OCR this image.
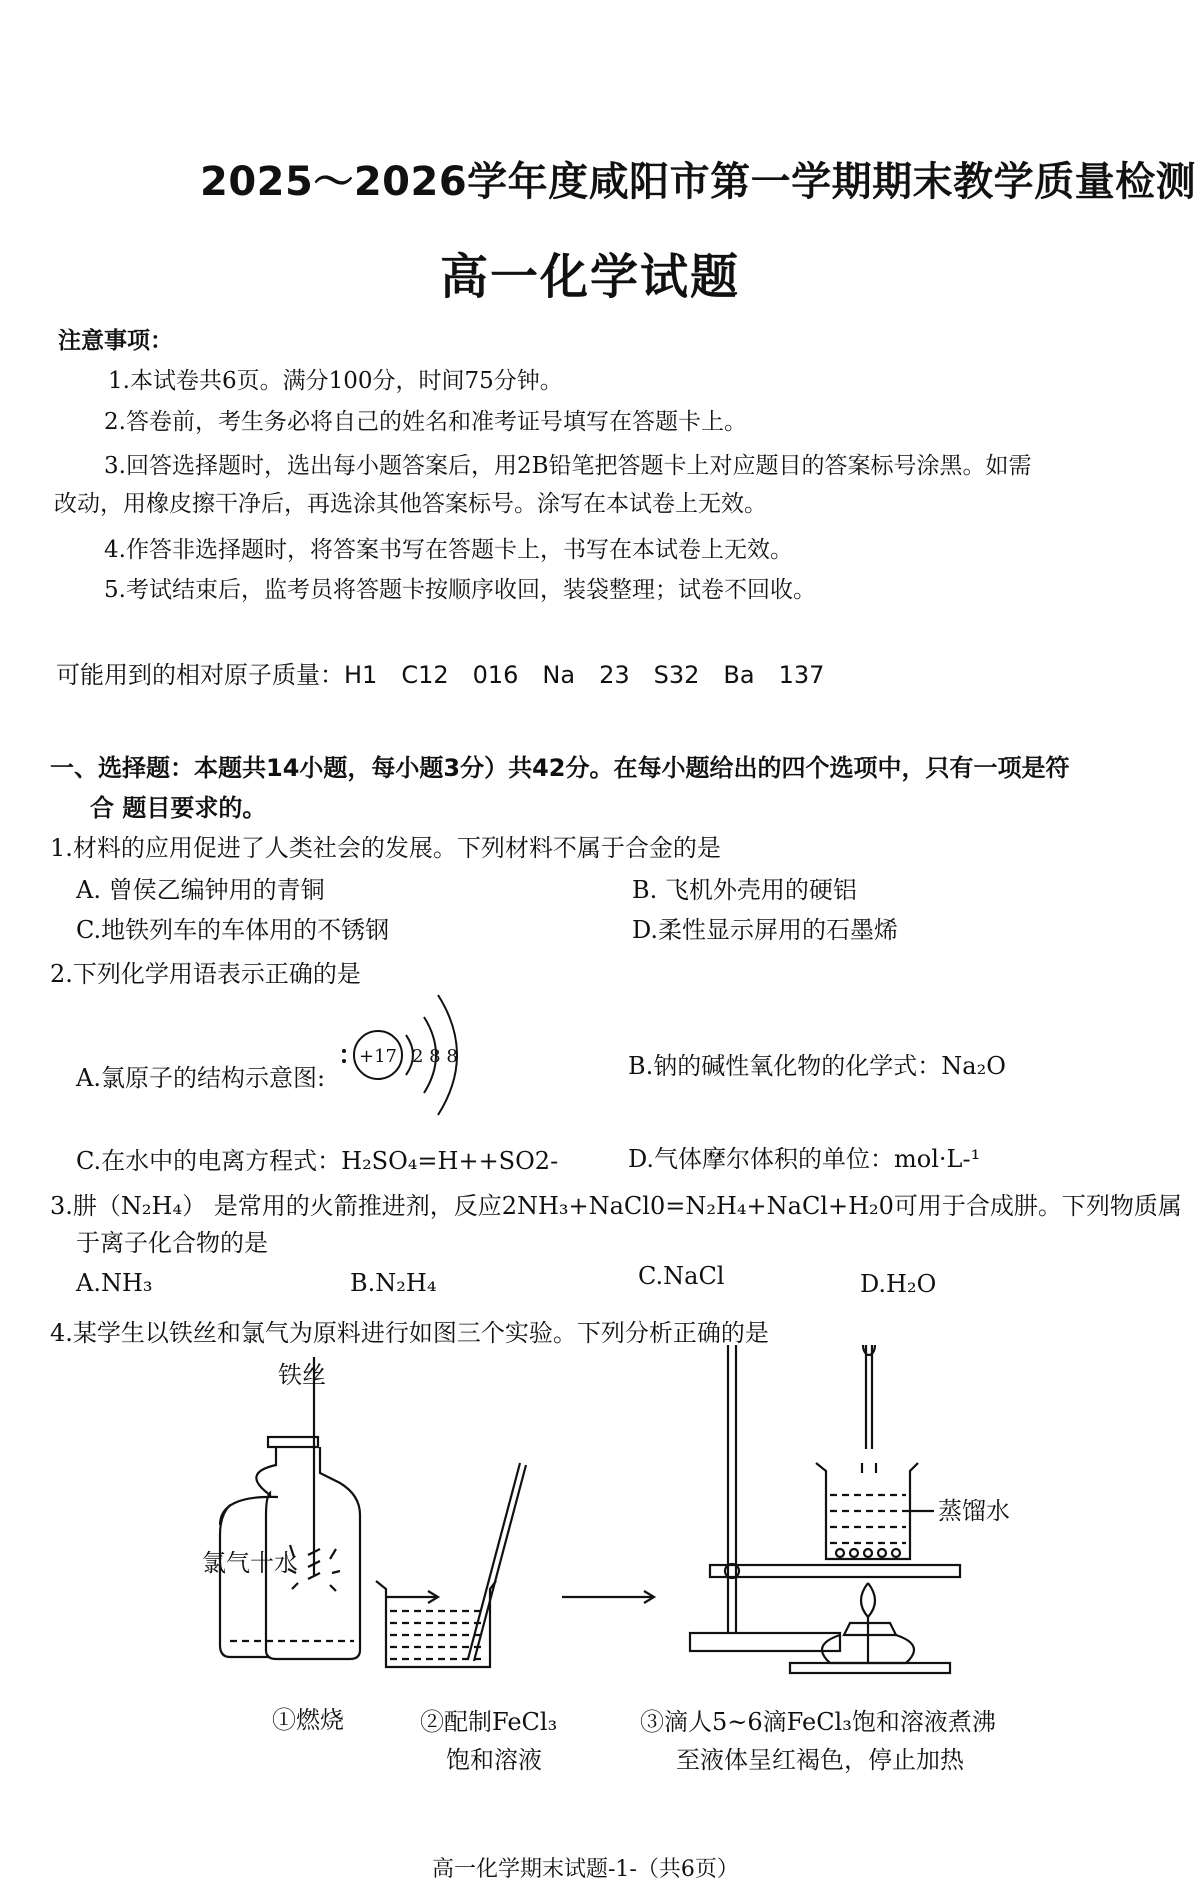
2025～2026学年度咸阳市第一学期期末教学质量检测
高一化学试题
注意事项：
1.本试卷共6页。满分100分，时间75分钟。
2.答卷前，考生务必将自己的姓名和准考证号填写在答题卡上。
3.回答选择题时，选出每小题答案后，用2B铅笔把答题卡上对应题目的答案标号涂黑。如需
改动，用橡皮擦干净后，再选涂其他答案标号。涂写在本试卷上无效。
4.作答非选择题时，将答案书写在答题卡上，书写在本试卷上无效。
5.考试结束后，监考员将答题卡按顺序收回，装袋整理；试卷不回收。
可能用到的相对原子质量：H1　C12　016　Na　23　S32　Ba　137
一、选择题：本题共14小题，每小题3分）共42分。在每小题给出的四个选项中，只有一项是符
合 题目要求的。
1.材料的应用促进了人类社会的发展。下列材料不属于合金的是
A. 曾侯乙编钟用的青铜	B. 飞机外壳用的硬铝
C.地铁列车的车体用的不锈钢	D.柔性显示屏用的石墨烯
2.下列化学用语表示正确的是
A.氯原子的结构示意图:
+17 2 8 8	B.钠的碱性氧化物的化学式：Na₂O
C.在水中的电离方程式：H₂SO₄=H++SO2-	D.气体摩尔体积的单位：mol·L-¹
3.肼（N₂H₄） 是常用的火箭推进剂，反应2NH₃+NaCl0=N₂H₄+NaCl+H₂0可用于合成肼。下列物质属
于离子化合物的是
A.NH₃	B.N₂H₄	C.NaCl	D.H₂O
4.某学生以铁丝和氯气为原料进行如图三个实验。下列分析正确的是
铁丝
氯气十水
蒸馏水
①燃烧	②配制FeCl₃
饱和溶液
③滴人5~6滴FeCl₃饱和溶液煮沸
至液体呈红褐色，停止加热
高一化学期末试题-1-（共6页）
